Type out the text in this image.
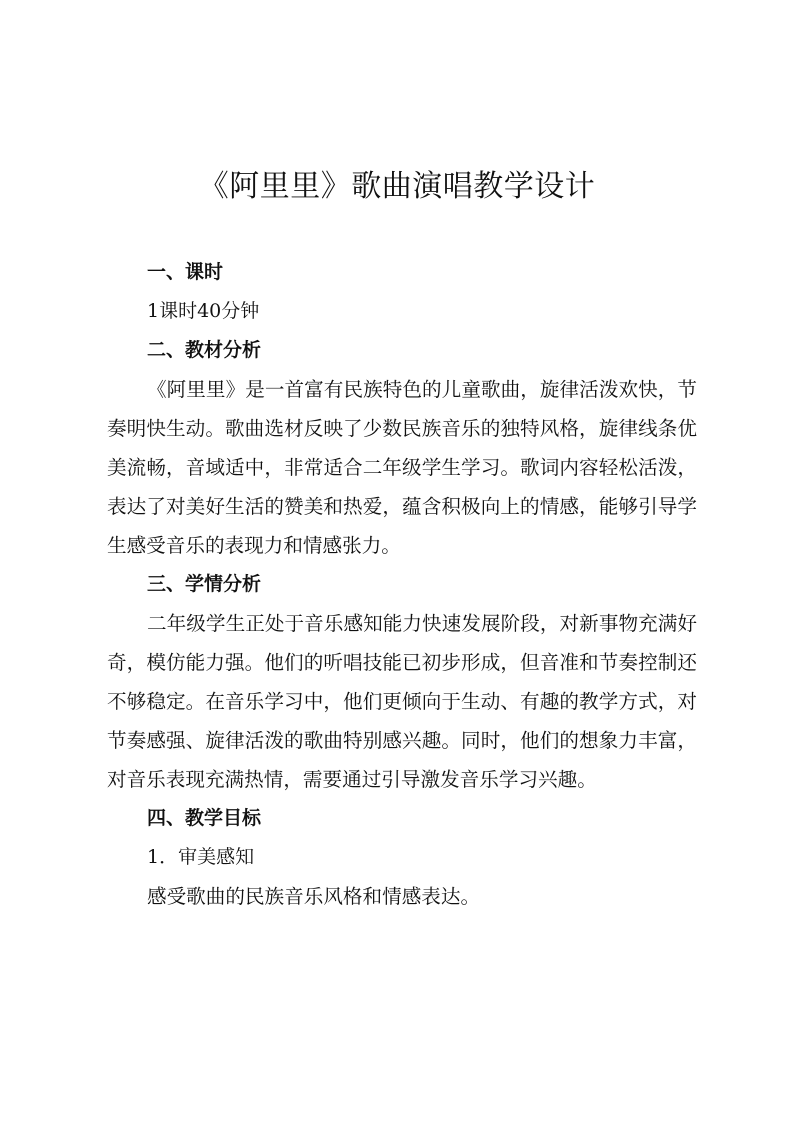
《阿里里》歌曲演唱教学设计
一、课时

1课时40分钟

二、教材分析

《阿里里》是一首富有民族特色的儿童歌曲，旋律活泼欢快，节奏明快生动。歌曲选材反映了少数民族音乐的独特风格，旋律线条优美流畅，音域适中，非常适合二年级学生学习。歌词内容轻松活泼，表达了对美好生活的赞美和热爱，蕴含积极向上的情感，能够引导学生感受音乐的表现力和情感张力。

三、学情分析

二年级学生正处于音乐感知能力快速发展阶段，对新事物充满好奇，模仿能力强。他们的听唱技能已初步形成，但音准和节奏控制还不够稳定。在音乐学习中，他们更倾向于生动、有趣的教学方式，对节奏感强、旋律活泼的歌曲特别感兴趣。同时，他们的想象力丰富，对音乐表现充满热情，需要通过引导激发音乐学习兴趣。

四、教学目标

1．审美感知

感受歌曲的民族音乐风格和情感表达。
